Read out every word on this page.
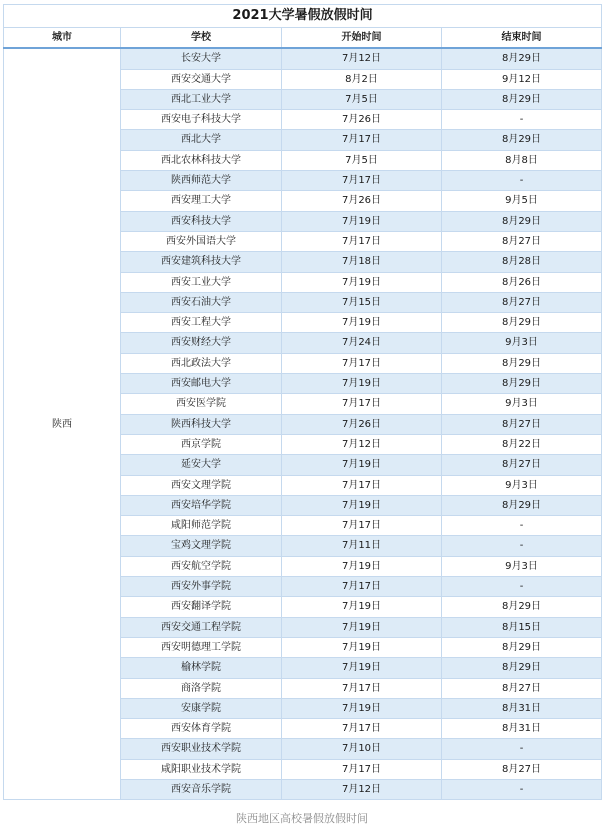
2021大学暑假放假时间			
城市	学校	开始时间	结束时间
陕西	长安大学	7月12日	8月29日
	西安交通大学	8月2日	9月12日
	西北工业大学	7月5日	8月29日
	西安电子科技大学	7月26日	-
	西北大学	7月17日	8月29日
	西北农林科技大学	7月5日	8月8日
	陕西师范大学	7月17日	-
	西安理工大学	7月26日	9月5日
	西安科技大学	7月19日	8月29日
	西安外国语大学	7月17日	8月27日
	西安建筑科技大学	7月18日	8月28日
	西安工业大学	7月19日	8月26日
	西安石油大学	7月15日	8月27日
	西安工程大学	7月19日	8月29日
	西安财经大学	7月24日	9月3日
	西北政法大学	7月17日	8月29日
	西安邮电大学	7月19日	8月29日
	西安医学院	7月17日	9月3日
	陕西科技大学	7月26日	8月27日
	西京学院	7月12日	8月22日
	延安大学	7月19日	8月27日
	西安文理学院	7月17日	9月3日
	西安培华学院	7月19日	8月29日
	咸阳师范学院	7月17日	-
	宝鸡文理学院	7月11日	-
	西安航空学院	7月19日	9月3日
	西安外事学院	7月17日	-
	西安翻译学院	7月19日	8月29日
	西安交通工程学院	7月19日	8月15日
	西安明德理工学院	7月19日	8月29日
	榆林学院	7月19日	8月29日
	商洛学院	7月17日	8月27日
	安康学院	7月19日	8月31日
	西安体育学院	7月17日	8月31日
	西安职业技术学院	7月10日	-
	咸阳职业技术学院	7月17日	8月27日
	西安音乐学院	7月12日	-
陕西地区高校暑假放假时间
